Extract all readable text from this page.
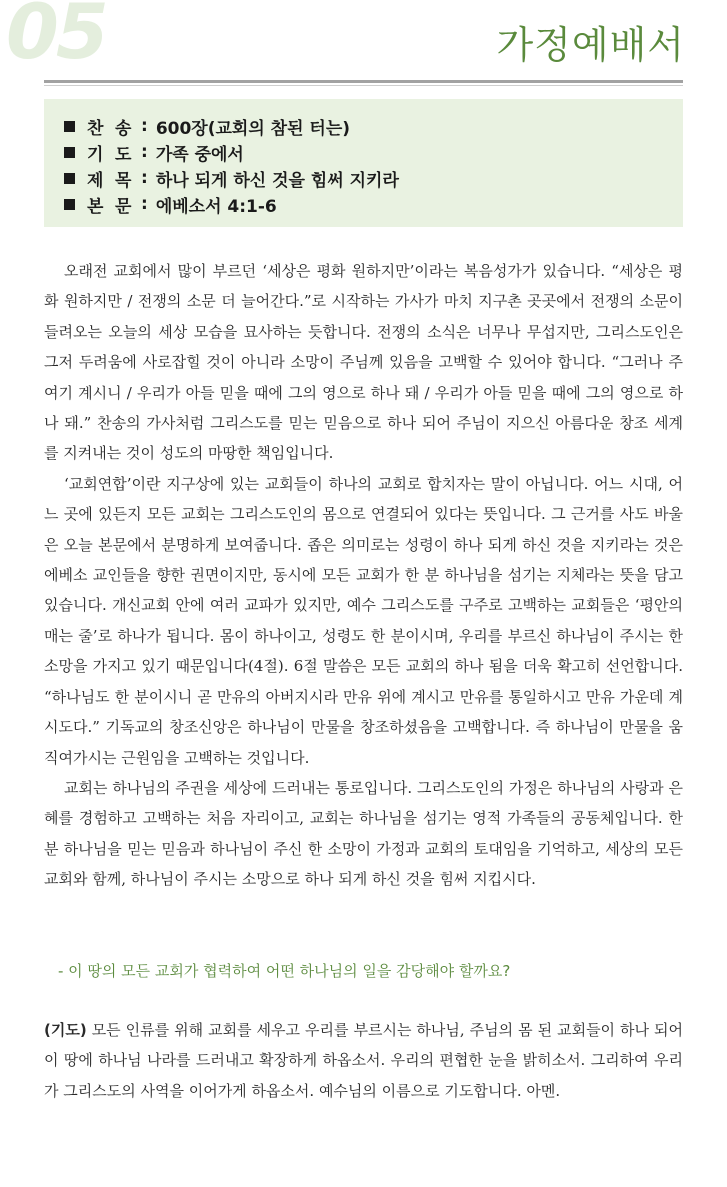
05	가정예배서
찬 송 : 600장(교회의 참된 터는)
기 도 : 가족 중에서
제 목 : 하나 되게 하신 것을 힘써 지키라
본 문 : 에베소서 4:1-6

오래전 교회에서 많이 부르던 ‘세상은 평화 원하지만’이라는 복음성가가 있습니다. “세상은 평화 원하지만 / 전쟁의 소문 더 늘어간다.”로 시작하는 가사가 마치 지구촌 곳곳에서 전쟁의 소문이 들려오는 오늘의 세상 모습을 묘사하는 듯합니다. 전쟁의 소식은 너무나 무섭지만, 그리스도인은 그저 두려움에 사로잡힐 것이 아니라 소망이 주님께 있음을 고백할 수 있어야 합니다. “그러나 주 여기 계시니 / 우리가 아들 믿을 때에 그의 영으로 하나 돼 / 우리가 아들 믿을 때에 그의 영으로 하나 돼.” 찬송의 가사처럼 그리스도를 믿는 믿음으로 하나 되어 주님이 지으신 아름다운 창조 세계를 지켜내는 것이 성도의 마땅한 책임입니다.

‘교회연합’이란 지구상에 있는 교회들이 하나의 교회로 합치자는 말이 아닙니다. 어느 시대, 어느 곳에 있든지 모든 교회는 그리스도인의 몸으로 연결되어 있다는 뜻입니다. 그 근거를 사도 바울은 오늘 본문에서 분명하게 보여줍니다. 좁은 의미로는 성령이 하나 되게 하신 것을 지키라는 것은 에베소 교인들을 향한 권면이지만, 동시에 모든 교회가 한 분 하나님을 섬기는 지체라는 뜻을 담고 있습니다. 개신교회 안에 여러 교파가 있지만, 예수 그리스도를 구주로 고백하는 교회들은 ‘평안의 매는 줄’로 하나가 됩니다. 몸이 하나이고, 성령도 한 분이시며, 우리를 부르신 하나님이 주시는 한 소망을 가지고 있기 때문입니다(4절). 6절 말씀은 모든 교회의 하나 됨을 더욱 확고히 선언합니다. “하나님도 한 분이시니 곧 만유의 아버지시라 만유 위에 계시고 만유를 통일하시고 만유 가운데 계시도다.” 기독교의 창조신앙은 하나님이 만물을 창조하셨음을 고백합니다. 즉 하나님이 만물을 움직여가시는 근원임을 고백하는 것입니다.

교회는 하나님의 주권을 세상에 드러내는 통로입니다. 그리스도인의 가정은 하나님의 사랑과 은혜를 경험하고 고백하는 처음 자리이고, 교회는 하나님을 섬기는 영적 가족들의 공동체입니다. 한 분 하나님을 믿는 믿음과 하나님이 주신 한 소망이 가정과 교회의 토대임을 기억하고, 세상의 모든 교회와 함께, 하나님이 주시는 소망으로 하나 되게 하신 것을 힘써 지킵시다.

- 이 땅의 모든 교회가 협력하여 어떤 하나님의 일을 감당해야 할까요?
(기도) 모든 인류를 위해 교회를 세우고 우리를 부르시는 하나님, 주님의 몸 된 교회들이 하나 되어 이 땅에 하나님 나라를 드러내고 확장하게 하옵소서. 우리의 편협한 눈을 밝히소서. 그리하여 우리가 그리스도의 사역을 이어가게 하옵소서. 예수님의 이름으로 기도합니다. 아멘.
